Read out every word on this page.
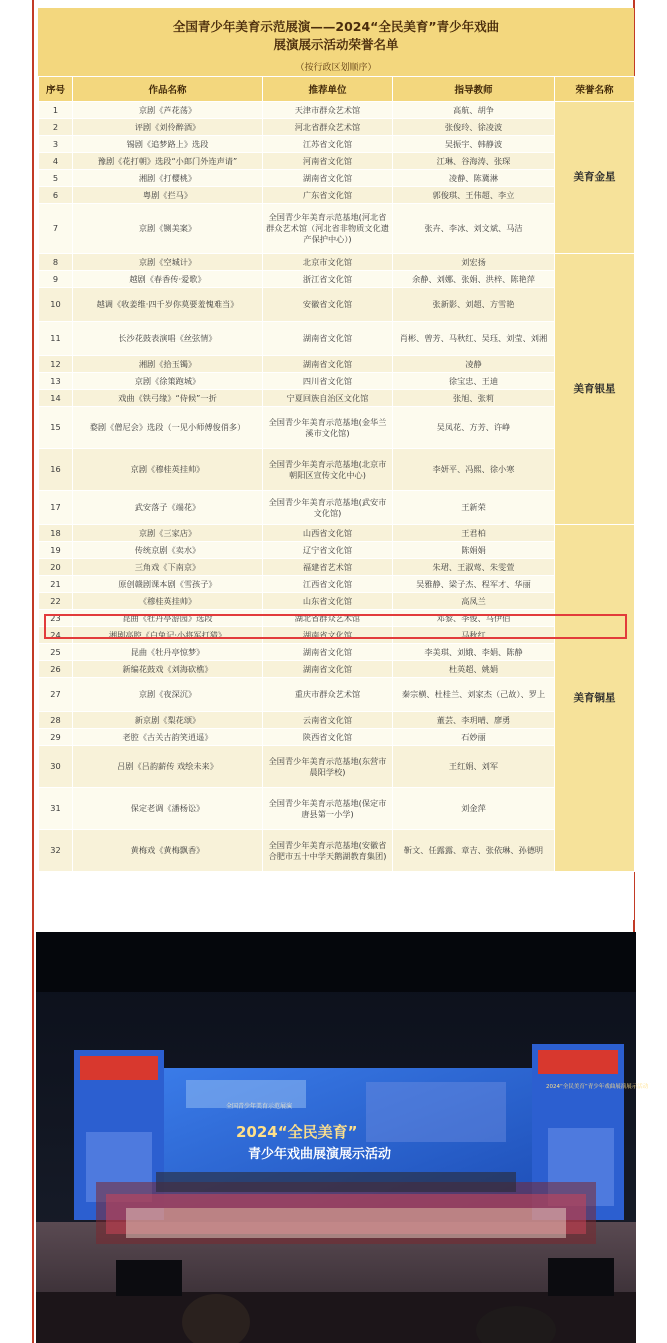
全国青少年美育示范展演——2024“全民美育”青少年戏曲
展演展示活动荣誉名单
（按行政区划顺序）
序号	作品名称	推荐单位	指导教师	荣誉名称
1	京剧《芦花荡》	天津市群众艺术馆	高航、胡争	美育金星
2	评剧《刘伶醉酒》	河北省群众艺术馆	张俊玲、徐凌波	
3	锡剧《追梦路上》选段	江苏省文化馆	吴振宇、韩静波	
4	豫剧《花打朝》选段“小郎门外连声请”	河南省文化馆	江琳、谷海涛、张琛	
5	湘剧《打樱桃》	湖南省文化馆	凌静、陈冀淋	
6	粤剧《拦马》	广东省文化馆	郭俊琪、王伟超、李立	
7	京剧《铡美案》	全国青少年美育示范基地(河北省群众艺术馆（河北省非物质文化遗产保护中心）)	张卉、李冰、刘文斌、马洁	
8	京剧《空城计》	北京市文化馆	刘宏扬	美育银星
9	越剧《春香传·爱歌》	浙江省文化馆	余静、刘娜、张娟、洪梓、陈艳萍	
10	越调《收姜维·四千岁你莫要羞愧难当》	安徽省文化馆	张新影、刘超、方雪艳	
11	长沙花鼓表演唱《丝弦情》	湖南省文化馆	肖彬、曾芳、马秋红、吴珏、刘莹、刘湘	
12	湘剧《拾玉镯》	湖南省文化馆	凌静	
13	京剧《徐策跑城》	四川省文化馆	徐宝忠、王迪	
14	戏曲《铁弓缘》“侍候”一折	宁夏回族自治区文化馆	张旭、张莉	
15	婺剧《僧尼会》选段（一见小师傅俊俏多）	全国青少年美育示范基地(金华兰溪市文化馆)	吴凤花、方芳、许峥	
16	京剧《穆桂英挂帅》	全国青少年美育示范基地(北京市朝阳区宣传文化中心)	李妍平、冯熙、徐小寒	
17	武安落子《端花》	全国青少年美育示范基地(武安市文化馆)	王新荣	
18	京剧《三家店》	山西省文化馆	王君柏	美育铜星
19	传统京剧《卖水》	辽宁省文化馆	陈娟娟	
20	三角戏《下南京》	福建省艺术馆	朱珺、王淑莺、朱雯萱	
21	原创赣剧课本剧《雪孩子》	江西省文化馆	吴雅静、梁子杰、程军才、华丽	
22	《穆桂英挂帅》	山东省文化馆	高凤兰	
23	昆曲《牡丹亭游园》选段	湖北省群众艺术馆	邓黎、李俊、马伊佰	
24	湘剧高腔《白兔记·小将军打猎》	湖南省文化馆	马秋红	
25	昆曲《牡丹亭惊梦》	湖南省文化馆	李美琪、刘娥、李娟、陈静	
26	新编花鼓戏《刘海砍樵》	湖南省文化馆	杜英超、姚娟	
27	京剧《夜深沉》	重庆市群众艺术馆	秦宗横、杜桂兰、刘家杰（己故）、罗上	
28	新京剧《梨花颂》	云南省文化馆	董芸、李玥晴、廖勇	
29	老腔《古关古韵笑逍遥》	陕西省文化馆	石妙丽	
30	吕剧《吕韵薪传 戏绘未来》	全国青少年美育示范基地(东营市晨阳学校)	王红娟、刘军	
31	保定老调《潘杨讼》	全国青少年美育示范基地(保定市唐县第一小学)	刘金萍	
32	黄梅戏《黄梅飘香》	全国青少年美育示范基地(安徽省合肥市五十中学天鹅湖教育集团)	靳文、任露露、章吉、张依琳、孙德明	
全国青少年美育示范展演
2024“全民美育”
青少年戏曲展演展示活动
2024“全民美育”青少年戏曲展演展示活动
